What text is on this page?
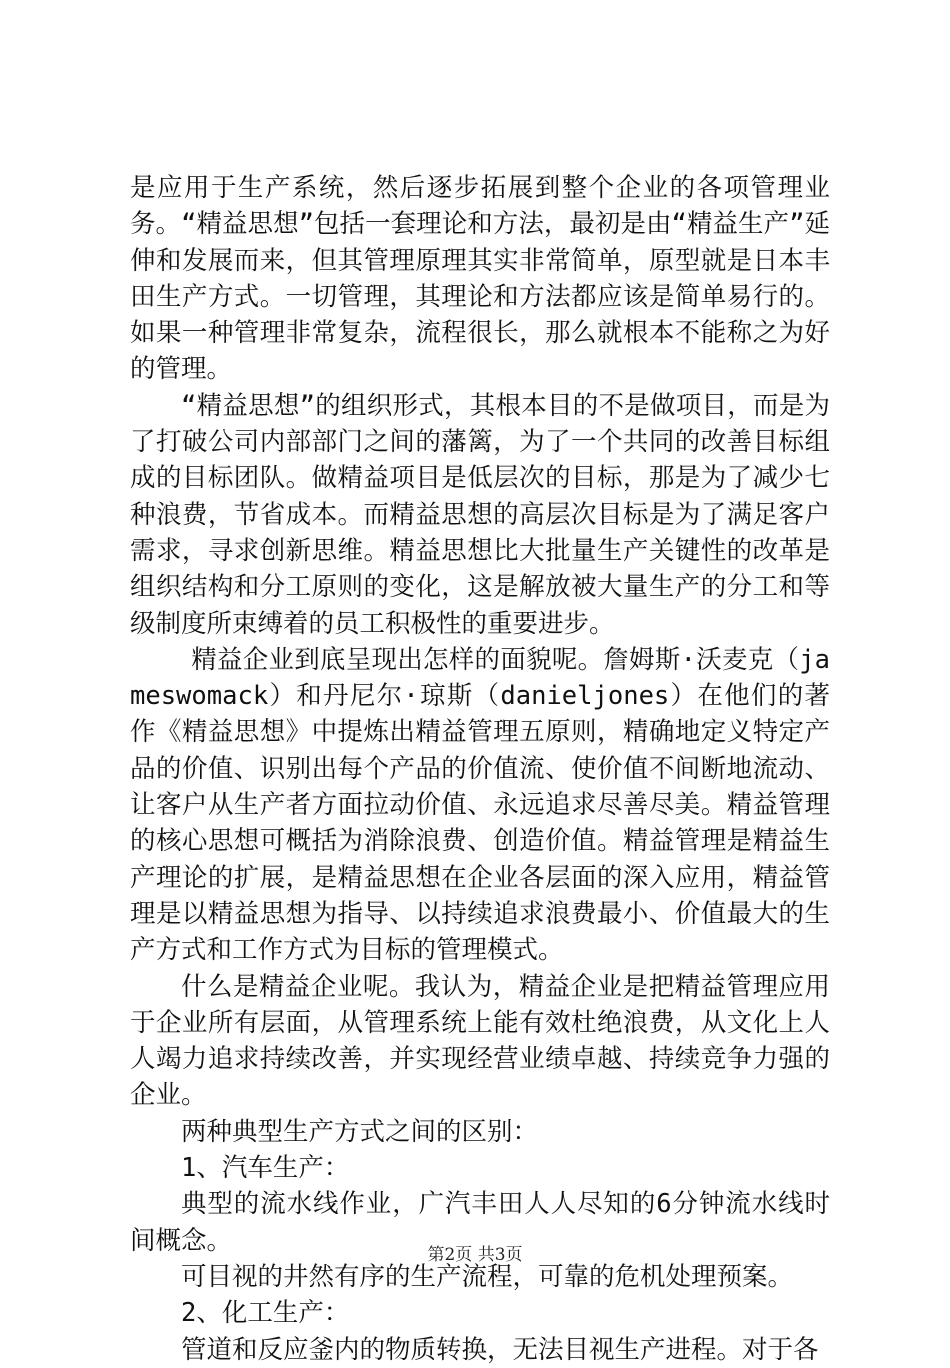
是应用于生产系统，然后逐步拓展到整个企业的各项管理业务。“精益思想”包括一套理论和方法，最初是由“精益生产”延伸和发展而来，但其管理原理其实非常简单，原型就是日本丰田生产方式。一切管理，其理论和方法都应该是简单易行的。如果一种管理非常复杂，流程很长，那么就根本不能称之为好的管理。

“精益思想”的组织形式，其根本目的不是做项目，而是为了打破公司内部部门之间的藩篱，为了一个共同的改善目标组成的目标团队。做精益项目是低层次的目标，那是为了减少七种浪费，节省成本。而精益思想的高层次目标是为了满足客户需求，寻求创新思维。精益思想比大批量生产关键性的改革是组织结构和分工原则的变化，这是解放被大量生产的分工和等级制度所束缚着的员工积极性的重要进步。

精益企业到底呈现出怎样的面貌呢。詹姆斯·沃麦克（jameswomack）和丹尼尔·琼斯（danieljones）在他们的著作《精益思想》中提炼出精益管理五原则，精确地定义特定产品的价值、识别出每个产品的价值流、使价值不间断地流动、让客户从生产者方面拉动价值、永远追求尽善尽美。精益管理的核心思想可概括为消除浪费、创造价值。精益管理是精益生产理论的扩展，是精益思想在企业各层面的深入应用，精益管理是以精益思想为指导、以持续追求浪费最小、价值最大的生产方式和工作方式为目标的管理模式。

什么是精益企业呢。我认为，精益企业是把精益管理应用于企业所有层面，从管理系统上能有效杜绝浪费，从文化上人人竭力追求持续改善，并实现经营业绩卓越、持续竞争力强的企业。

两种典型生产方式之间的区别：

1、汽车生产：

典型的流水线作业，广汽丰田人人尽知的6分钟流水线时间概念。

可目视的井然有序的生产流程，可靠的危机处理预案。

2、化工生产：

管道和反应釜内的物质转换，无法目视生产进程。对于各

第2页 共3页
